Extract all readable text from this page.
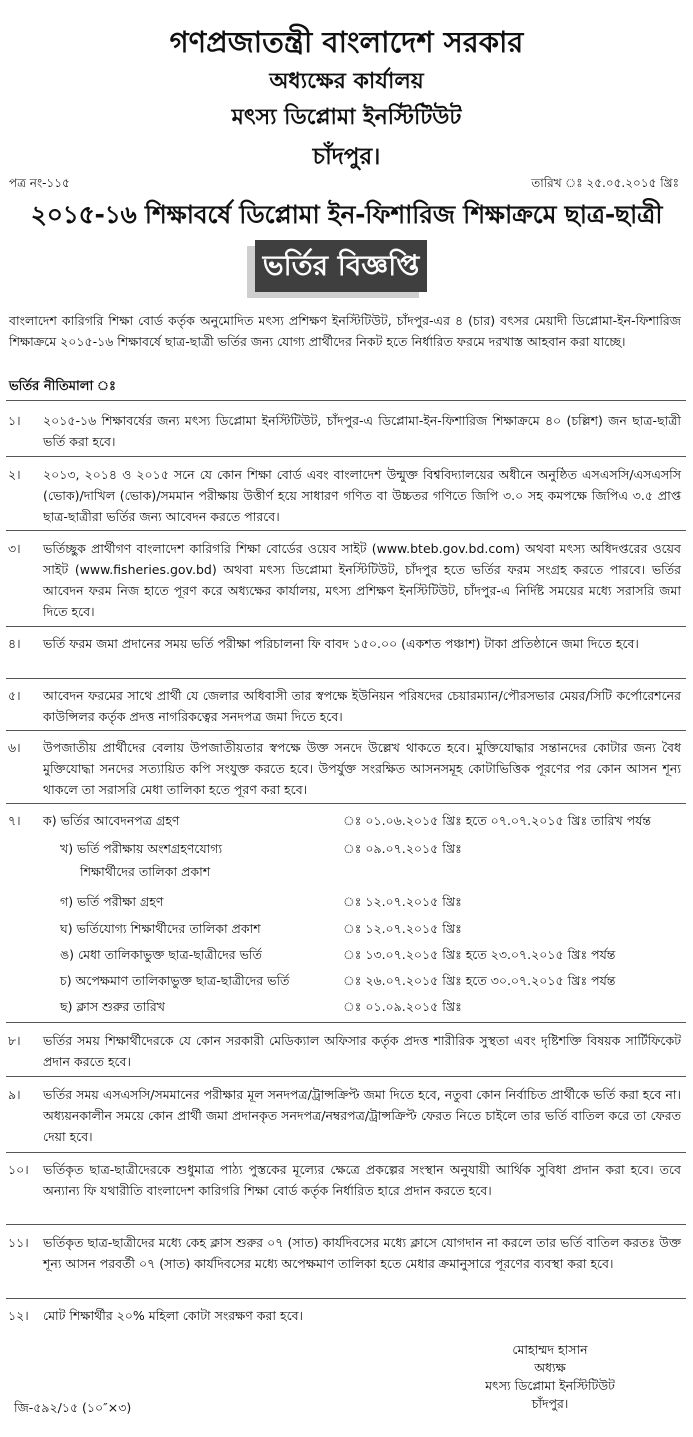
গণপ্রজাতন্ত্রী বাংলাদেশ সরকার
অধ্যক্ষের কার্যালয়
মৎস্য ডিপ্লোমা ইনস্টিটিউট
চাঁদপুর।
পত্র নং-১১৫	তারিখ ঃ ২৫.০৫.২০১৫ খ্রিঃ
২০১৫-১৬ শিক্ষাবর্ষে ডিপ্লোমা ইন-ফিশারিজ শিক্ষাক্রমে ছাত্র-ছাত্রী
ভর্তির বিজ্ঞপ্তি
বাংলাদেশ কারিগরি শিক্ষা বোর্ড কর্তৃক অনুমোদিত মৎস্য প্রশিক্ষণ ইনস্টিটিউট, চাঁদপুর-এর ৪ (চার) বৎসর মেয়াদী ডিপ্লোমা-ইন-ফিশারিজ শিক্ষাক্রমে ২০১৫-১৬ শিক্ষাবর্ষে ছাত্র-ছাত্রী ভর্তির জন্য যোগ্য প্রার্থীদের নিকট হতে নির্ধারিত ফরমে দরখাস্ত আহবান করা যাচ্ছে।
ভর্তির নীতিমালা ঃ
১।	২০১৫-১৬ শিক্ষাবর্ষের জন্য মৎস্য ডিপ্লোমা ইনস্টিটিউট, চাঁদপুর-এ ডিপ্লোমা-ইন-ফিশারিজ শিক্ষাক্রমে ৪০ (চল্লিশ) জন ছাত্র-ছাত্রী ভর্তি করা হবে।
২।	২০১৩, ২০১৪ ও ২০১৫ সনে যে কোন শিক্ষা বোর্ড এবং বাংলাদেশ উন্মুক্ত বিশ্ববিদ্যালয়ের অধীনে অনুষ্ঠিত এসএসসি/এসএসসি (ভোক)/দাখিল (ভোক)/সমমান পরীক্ষায় উত্তীর্ণ হয়ে সাধারণ গণিত বা উচ্চতর গণিতে জিপি ৩.০ সহ কমপক্ষে জিপিএ ৩.৫ প্রাপ্ত ছাত্র-ছাত্রীরা ভর্তির জন্য আবেদন করতে পারবে।
৩।	ভর্তিচ্ছুক প্রার্থীগণ বাংলাদেশ কারিগরি শিক্ষা বোর্ডের ওয়েব সাইট (www.bteb.gov.bd.com) অথবা মৎস্য অধিদপ্তরের ওয়েব সাইট (www.fisheries.gov.bd) অথবা মৎস্য ডিপ্লোমা ইনস্টিটিউট, চাঁদপুর হতে ভর্তির ফরম সংগ্রহ করতে পারবে। ভর্তির আবেদন ফরম নিজ হাতে পূরণ করে অধ্যক্ষের কার্যালয়, মৎস্য প্রশিক্ষণ ইনস্টিটিউট, চাঁদপুর-এ নির্দিষ্ট সময়ের মধ্যে সরাসরি জমা দিতে হবে।
৪।	ভর্তি ফরম জমা প্রদানের সময় ভর্তি পরীক্ষা পরিচালনা ফি বাবদ ১৫০.০০ (একশত পঞ্চাশ) টাকা প্রতিষ্ঠানে জমা দিতে হবে।
৫।	আবেদন ফরমের সাথে প্রার্থী যে জেলার অধিবাসী তার স্বপক্ষে ইউনিয়ন পরিষদের চেয়ারম্যান/পৌরসভার মেয়র/সিটি কর্পোরেশনের কাউন্সিলর কর্তৃক প্রদত্ত নাগরিকত্বের সনদপত্র জমা দিতে হবে।
৬।	উপজাতীয় প্রার্থীদের বেলায় উপজাতীয়তার স্বপক্ষে উক্ত সনদে উল্লেখ থাকতে হবে। মুক্তিযোদ্ধার সন্তানদের কোটার জন্য বৈধ মুক্তিযোদ্ধা সনদের সত্যায়িত কপি সংযুক্ত করতে হবে। উপর্যুক্ত সংরক্ষিত আসনসমূহ কোটাভিত্তিক পূরণের পর কোন আসন শূন্য থাকলে তা সরাসরি মেধা তালিকা হতে পূরণ করা হবে।
৭।	ক) ভর্তির আবেদনপত্র গ্রহণ	ঃ ০১.০৬.২০১৫ খ্রিঃ হতে ০৭.০৭.২০১৫ খ্রিঃ তারিখ পর্যন্ত
খ) ভর্তি পরীক্ষায় অংশগ্রহণযোগ্য	ঃ ০৯.০৭.২০১৫ খ্রিঃ
শিক্ষার্থীদের তালিকা প্রকাশ
গ) ভর্তি পরীক্ষা গ্রহণ	ঃ ১২.০৭.২০১৫ খ্রিঃ
ঘ) ভর্তিযোগ্য শিক্ষার্থীদের তালিকা প্রকাশ	ঃ ১২.০৭.২০১৫ খ্রিঃ
ঙ) মেধা তালিকাভুক্ত ছাত্র-ছাত্রীদের ভর্তি	ঃ ১৩.০৭.২০১৫ খ্রিঃ হতে ২৩.০৭.২০১৫ খ্রিঃ পর্যন্ত
চ) অপেক্ষমাণ তালিকাভুক্ত ছাত্র-ছাত্রীদের ভর্তি	ঃ ২৬.০৭.২০১৫ খ্রিঃ হতে ৩০.০৭.২০১৫ খ্রিঃ পর্যন্ত
ছ) ক্লাস শুরুর তারিখ	ঃ ০১.০৯.২০১৫ খ্রিঃ
৮।	ভর্তির সময় শিক্ষার্থীদেরকে যে কোন সরকারী মেডিক্যাল অফিসার কর্তৃক প্রদত্ত শারীরিক সুস্থতা এবং দৃষ্টিশক্তি বিষয়ক সার্টিফিকেট প্রদান করতে হবে।
৯।	ভর্তির সময় এসএসসি/সমমানের পরীক্ষার মূল সনদপত্র/ট্রান্সক্রিপ্ট জমা দিতে হবে, নতুবা কোন নির্বাচিত প্রার্থীকে ভর্তি করা হবে না। অধ্যয়নকালীন সময়ে কোন প্রার্থী জমা প্রদানকৃত সনদপত্র/নম্বরপত্র/ট্রান্সক্রিপ্ট ফেরত নিতে চাইলে তার ভর্তি বাতিল করে তা ফেরত দেয়া হবে।
১০।	ভর্তিকৃত ছাত্র-ছাত্রীদেরকে শুধুমাত্র পাঠ্য পুস্তকের মূল্যের ক্ষেত্রে প্রকল্পের সংস্থান অনুযায়ী আর্থিক সুবিধা প্রদান করা হবে। তবে অন্যান্য ফি যথারীতি বাংলাদেশ কারিগরি শিক্ষা বোর্ড কর্তৃক নির্ধারিত হারে প্রদান করতে হবে।
১১।	ভর্তিকৃত ছাত্র-ছাত্রীদের মধ্যে কেহ ক্লাস শুরুর ০৭ (সাত) কার্যদিবসের মধ্যে ক্লাসে যোগদান না করলে তার ভর্তি বাতিল করতঃ উক্ত শূন্য আসন পরবর্তী ০৭ (সাত) কার্যদিবসের মধ্যে অপেক্ষমাণ তালিকা হতে মেধার ক্রমানুসারে পূরণের ব্যবস্থা করা হবে।
১২।	মোট শিক্ষার্থীর ২০% মহিলা কোটা সংরক্ষণ করা হবে।
মোহাম্মদ হাসান
অধ্যক্ষ
মৎস্য ডিপ্লোমা ইনস্টিটিউট
চাঁদপুর।
জি-৫৯২/১৫ (১০″×৩)
